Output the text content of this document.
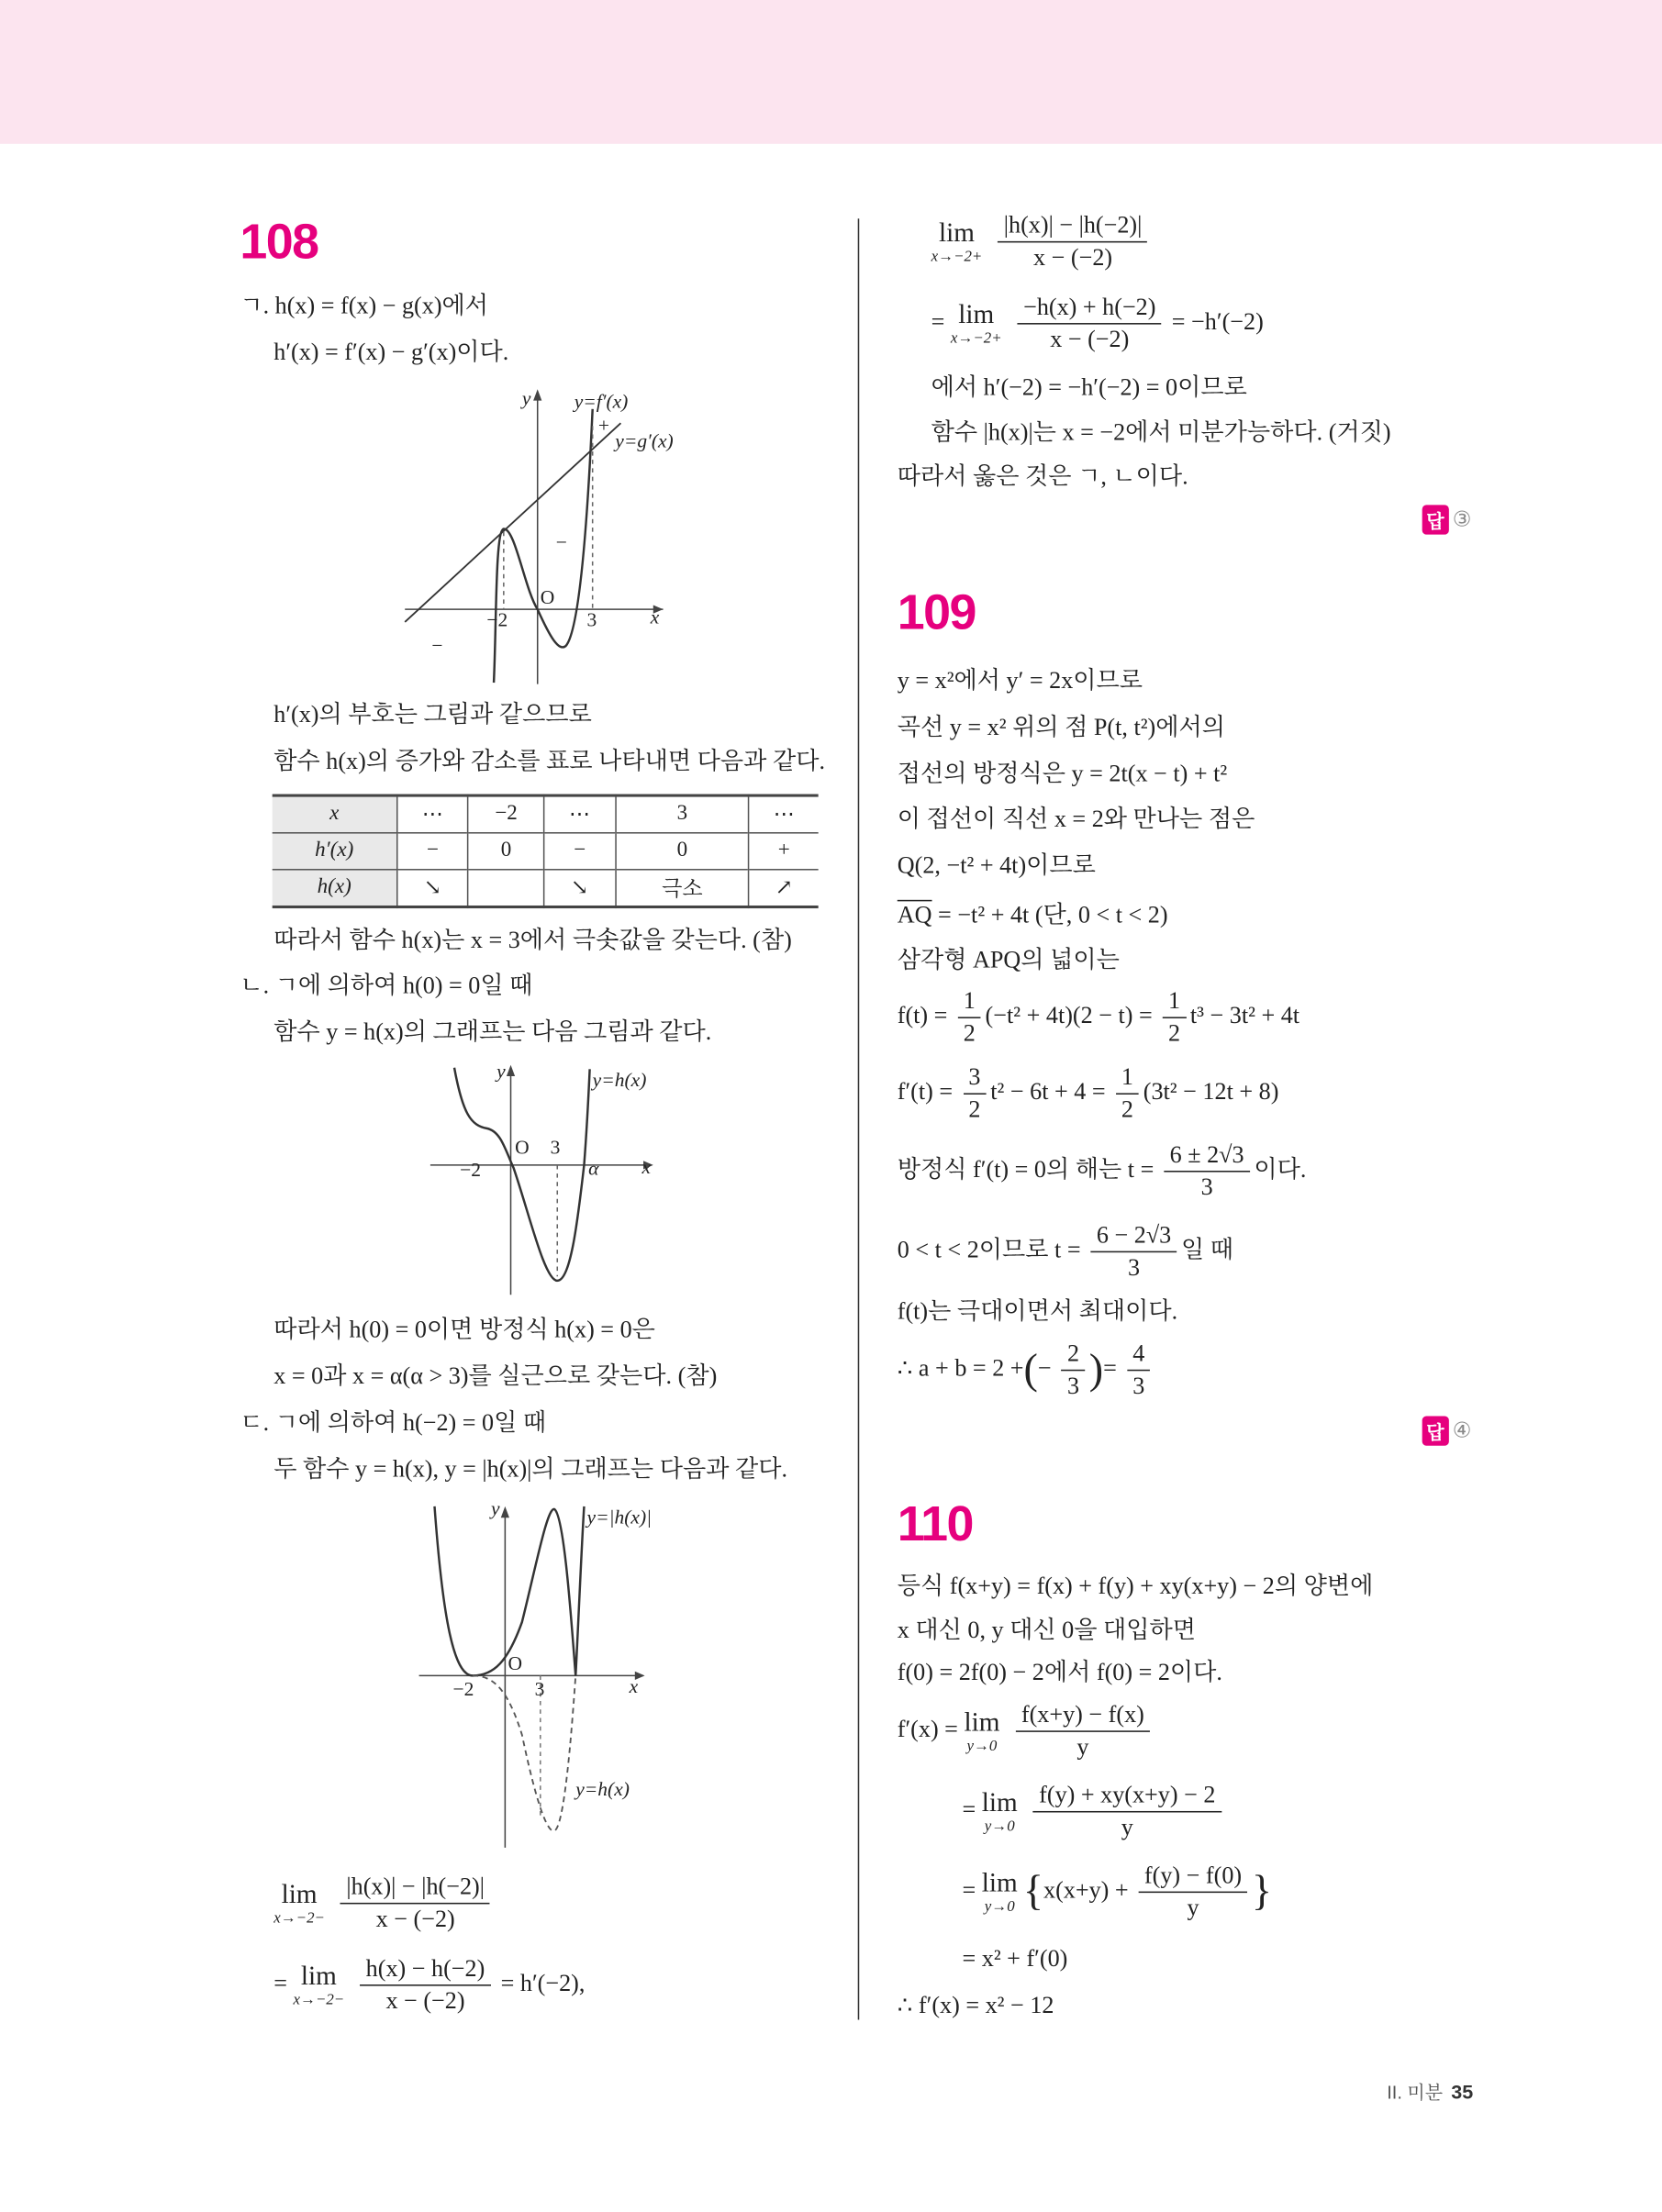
108
ㄱ. h(x) = f(x) − g(x)에서
h′(x) = f′(x) − g′(x)이다.
y
x
O
−2	3
y=f′(x)
y=g′(x)
+
−
−
y
x
O 3
−2	α
y=h(x)
y
x
O
−2	3
y=|h(x)|
y=h(x)
h′(x)의 부호는 그림과 같으므로
함수 h(x)의 증가와 감소를 표로 나타내면 다음과 같다.
x	⋯	−2	⋯	3	⋯
h′(x)	−	0	−	0	+
h(x)	↘		↘	극소	↗
따라서 함수 h(x)는 x = 3에서 극솟값을 갖는다. (참)
ㄴ. ㄱ에 의하여 h(0) = 0일 때
함수 y = h(x)의 그래프는 다음 그림과 같다.
따라서 h(0) = 0이면 방정식 h(x) = 0은
x = 0과 x = α(α > 3)를 실근으로 갖는다. (참)
ㄷ. ㄱ에 의하여 h(−2) = 0일 때
두 함수 y = h(x), y = |h(x)|의 그래프는 다음과 같다.
lim
x→−2−
$\frac{|h(x)| - |h(-2)|}{x - (-2)}$
= lim
x→−2−
$\frac{h(x) - h(-2)}{x - (-2)} = h'(-2)$,
lim
x→−2+
$\frac{|h(x)| - |h(-2)|}{x - (-2)}$
= lim
x→−2+
$\frac{-h(x) + h(-2)}{x - (-2)} = -h'(-2)$
에서 h′(−2) = −h′(−2) = 0이므로
함수 |h(x)|는 x = −2에서 미분가능하다. (거짓)
따라서 옳은 것은 ㄱ, ㄴ이다.
답 ③
109
y = x²에서 y′ = 2x이므로
곡선 y = x² 위의 점 P(t, t²)에서의
접선의 방정식은 y = 2t(x − t) + t²
이 접선이 직선 x = 2와 만나는 점은
Q(2, −t² + 4t)이므로
$\overline{AQ} = -t^2 + 4t$ (단, 0 < t < 2)
삼각형 APQ의 넓이는
$f(t) = \frac{1}{2} (-t^2 + 4t)(2 - t) = \frac{1}{2} t^3 - 3t^2 + 4t$
$f'(t) = \frac{3}{2} t^2 - 6t + 4 = \frac{1}{2} (3t^2 - 12t + 8)$
방정식 f′(t) = 0의 해는 $t = \frac{6 \pm 2√3}{3}$ 이다.
0 < t < 2이므로 $t = \frac{6 - 2√3}{3}$ 일 때
f(t)는 극대이면서 최대이다.
∴ a + b = 2 +(− $\frac{2}{3}$ )= $\frac{4}{3}$
답 ④
110
등식 f(x+y) = f(x) + f(y) + xy(x+y) − 2의 양변에
x 대신 0, y 대신 0을 대입하면
f(0) = 2f(0) − 2에서 f(0) = 2이다.
f′(x) = lim
y→0
$\frac{f(x+y) - f(x)}{y}$
= lim
y→0
$\frac{f(y) + xy(x+y) - 2}{y}$
= lim
y→0 {$x(x+y) + \frac{f(y) - f(0)}{y}$ }
= x² + f′(0)
∴ f′(x) = x² − 12
II. 미분 35
